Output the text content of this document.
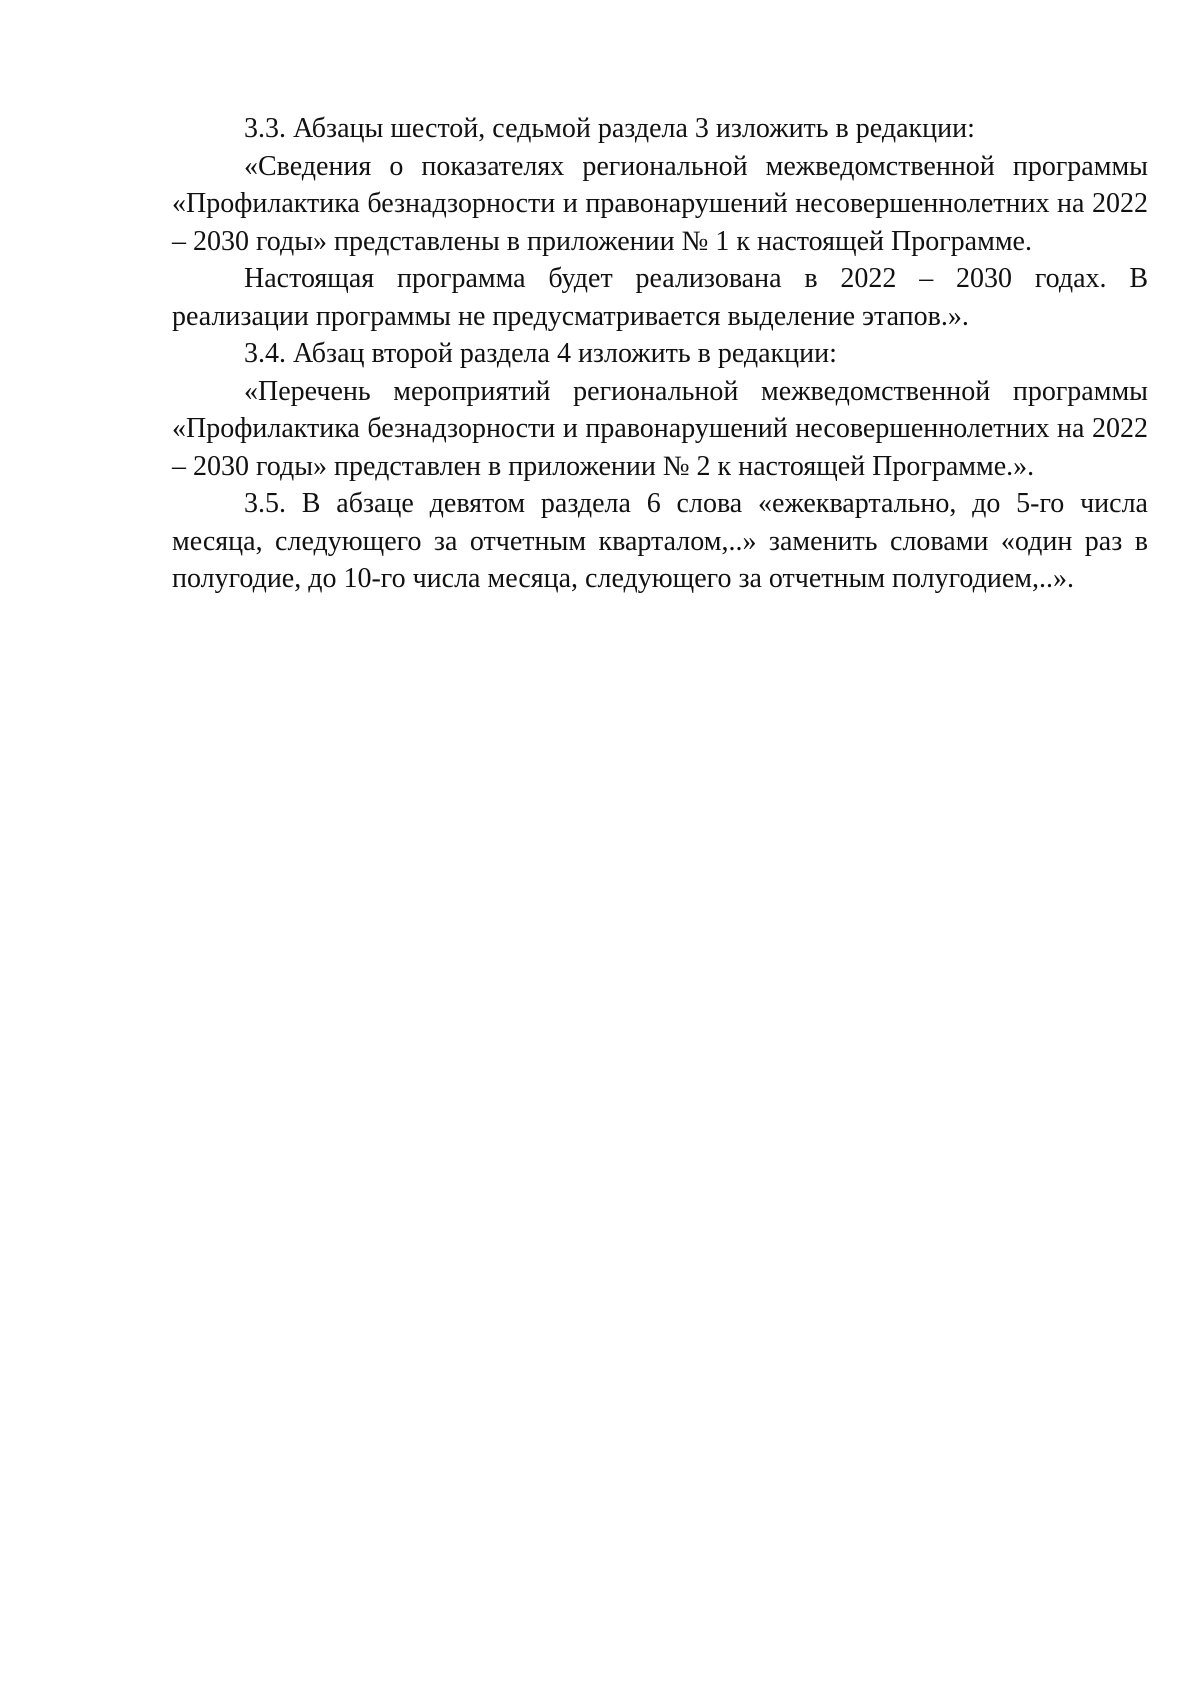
3.3. Абзацы шестой, седьмой раздела 3 изложить в редакции:

«Сведения о показателях региональной межведомственной программы «Профилактика безнадзорности и правонарушений несовершеннолетних на 2022 – 2030 годы» представлены в приложении № 1 к настоящей Программе.

Настоящая программа будет реализована в 2022 – 2030 годах. В реализации программы не предусматривается выделение этапов.».

3.4. Абзац второй раздела 4 изложить в редакции:

«Перечень мероприятий региональной межведомственной программы «Профилактика безнадзорности и правонарушений несовершеннолетних на 2022 – 2030 годы» представлен в приложении № 2 к настоящей Программе.».

3.5. В абзаце девятом раздела 6 слова «ежеквартально, до 5-го числа месяца, следующего за отчетным кварталом,..» заменить словами «один раз в полугодие, до 10-го числа месяца, следующего за отчетным полугодием,..».
